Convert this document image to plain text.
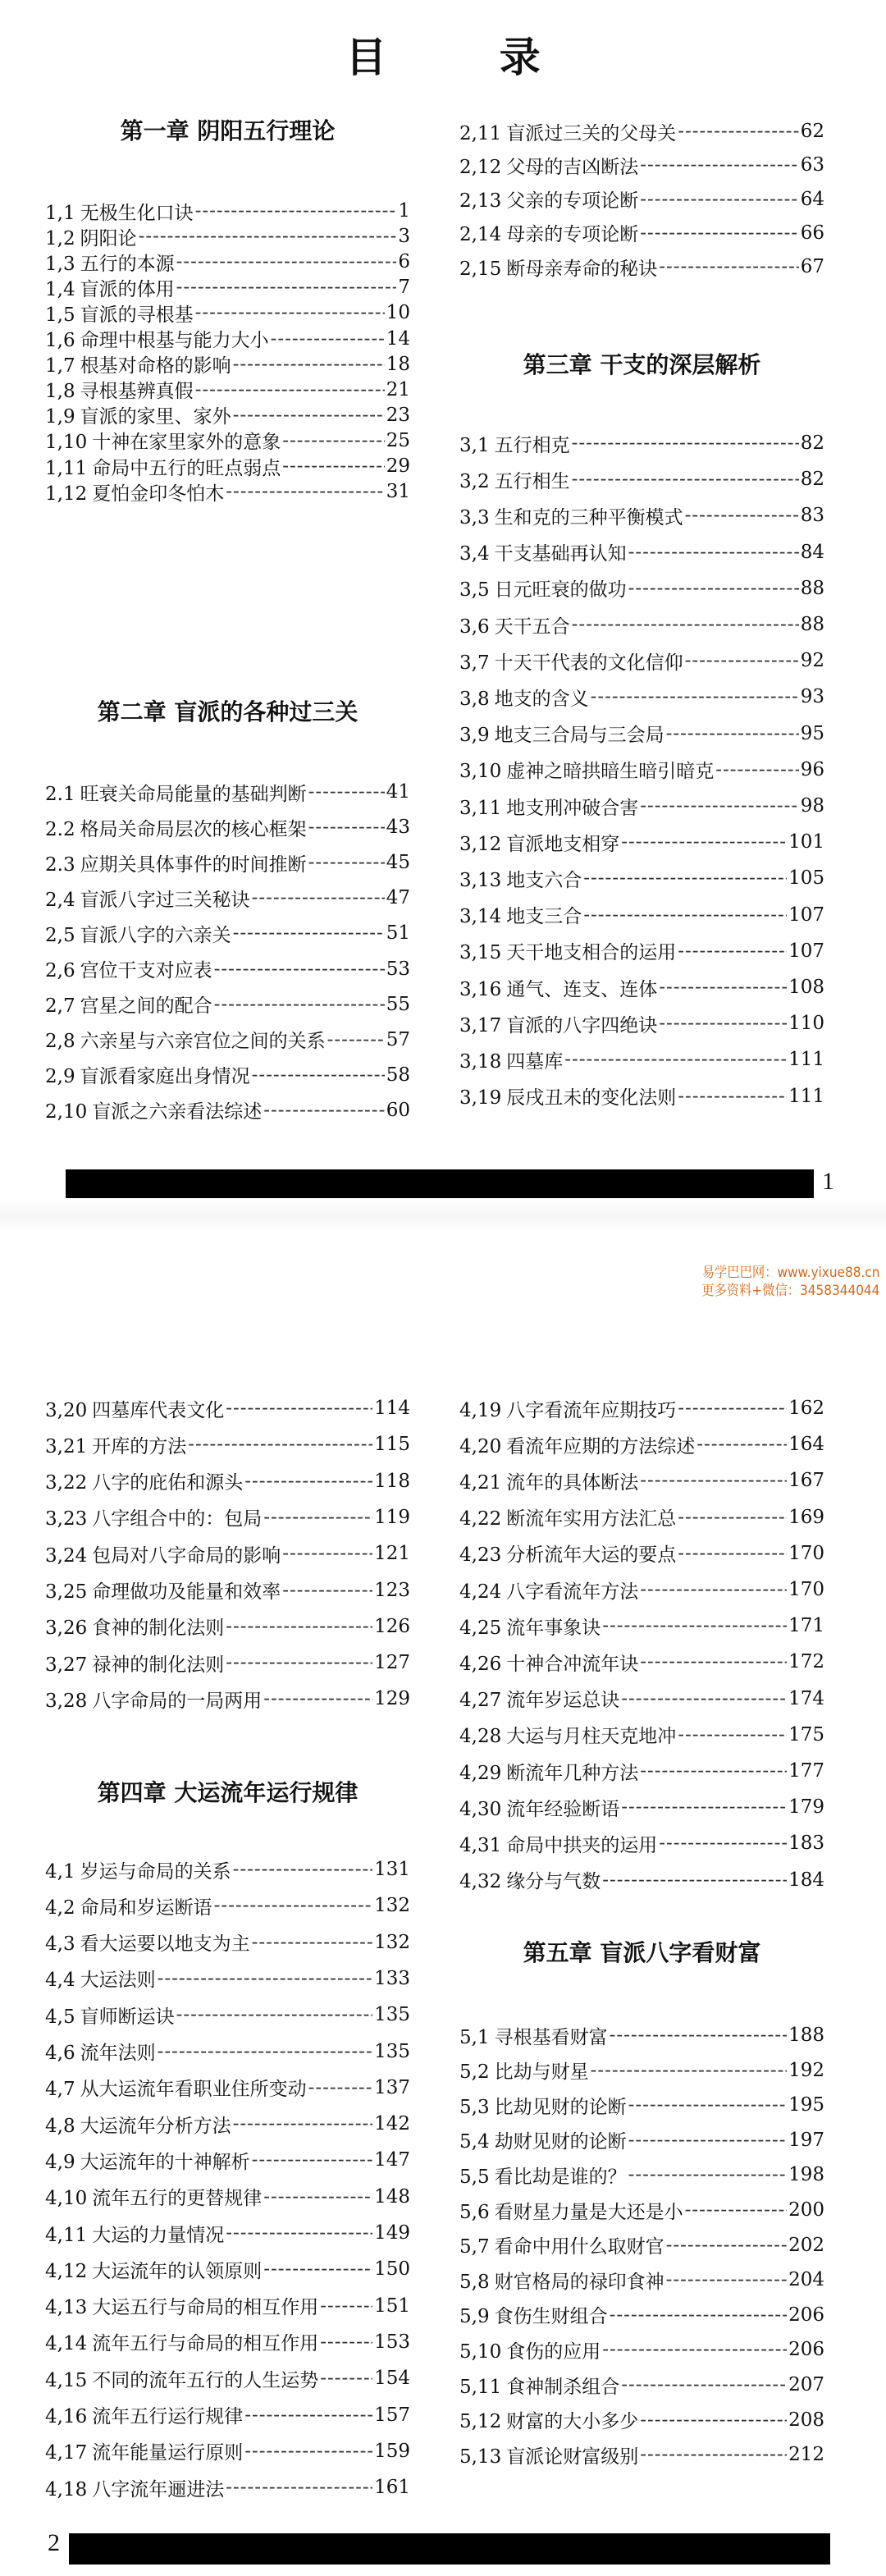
目 录
第一章 阴阳五行理论
1,1 无极生化口诀 -----	1
1,2 阴阳论 -----	3
1,3 五行的本源 -----	6
1,4 盲派的体用 -----	7
1,5 盲派的寻根基 -----	10
1,6 命理中根基与能力大小 -----	14
1,7 根基对命格的影响 -----	18
1,8 寻根基辨真假 -----	21
1,9 盲派的家里、家外 -----	23
1,10 十神在家里家外的意象 -----	25
1,11 命局中五行的旺点弱点 -----	29
1,12 夏怕金印冬怕木 -----	31
第二章 盲派的各种过三关
2.1 旺衰关命局能量的基础判断 -----	41
2.2 格局关命局层次的核心框架 -----	43
2.3 应期关具体事件的时间推断 -----	45
2,4 盲派八字过三关秘诀 -----	47
2,5 盲派八字的六亲关 -----	51
2,6 宫位干支对应表 -----	53
2,7 宫星之间的配合 -----	55
2,8 六亲星与六亲宫位之间的关系 -----	57
2,9 盲派看家庭出身情况 -----	58
2,10 盲派之六亲看法综述 -----	60
2,11 盲派过三关的父母关 -----	62
2,12 父母的吉凶断法 -----	63
2,13 父亲的专项论断 -----	64
2,14 母亲的专项论断 -----	66
2,15 断母亲寿命的秘诀 -----	67
第三章 干支的深层解析
3,1 五行相克 -----	82
3,2 五行相生 -----	82
3,3 生和克的三种平衡模式 -----	83
3,4 干支基础再认知 -----	84
3,5 日元旺衰的做功 -----	88
3,6 天干五合 -----	88
3,7 十天干代表的文化信仰 -----	92
3,8 地支的含义 -----	93
3,9 地支三合局与三会局 -----	95
3,10 虚神之暗拱暗生暗引暗克 -----	96
3,11 地支刑冲破合害 -----	98
3,12 盲派地支相穿 -----	101
3,13 地支六合 -----	105
3,14 地支三合 -----	107
3,15 天干地支相合的运用 -----	107
3,16 通气、连支、连体 -----	108
3,17 盲派的八字四绝诀 -----	110
3,18 四墓库 -----	111
3,19 辰戌丑未的变化法则 -----	111
1
易学巴巴网：www.yixue88.cn
更多资料+微信：3458344044
3,20 四墓库代表文化 -----	114
3,21 开库的方法 -----	115
3,22 八字的庇佑和源头 -----	118
3,23 八字组合中的：包局 -----	119
3,24 包局对八字命局的影响 -----	121
3,25 命理做功及能量和效率 -----	123
3,26 食神的制化法则 -----	126
3,27 禄神的制化法则 -----	127
3,28 八字命局的一局两用 -----	129
第四章 大运流年运行规律
4,1 岁运与命局的关系 -----	131
4,2 命局和岁运断语 -----	132
4,3 看大运要以地支为主 -----	132
4,4 大运法则 -----	133
4,5 盲师断运诀 -----	135
4,6 流年法则 -----	135
4,7 从大运流年看职业住所变动 -----	137
4,8 大运流年分析方法 -----	142
4,9 大运流年的十神解析 -----	147
4,10 流年五行的更替规律 -----	148
4,11 大运的力量情况 -----	149
4,12 大运流年的认领原则 -----	150
4,13 大运五行与命局的相互作用 -----	151
4,14 流年五行与命局的相互作用 -----	153
4,15 不同的流年五行的人生运势 -----	154
4,16 流年五行运行规律 -----	157
4,17 流年能量运行原则 -----	159
4,18 八字流年逦进法 -----	161
4,19 八字看流年应期技巧 -----	162
4,20 看流年应期的方法综述 -----	164
4,21 流年的具体断法 -----	167
4,22 断流年实用方法汇总 -----	169
4,23 分析流年大运的要点 -----	170
4,24 八字看流年方法 -----	170
4,25 流年事象诀 -----	171
4,26 十神合冲流年诀 -----	172
4,27 流年岁运总诀 -----	174
4,28 大运与月柱天克地冲 -----	175
4,29 断流年几种方法 -----	177
4,30 流年经验断语 -----	179
4,31 命局中拱夹的运用 -----	183
4,32 缘分与气数 -----	184
第五章 盲派八字看财富
5,1 寻根基看财富 -----	188
5,2 比劫与财星 -----	192
5,3 比劫见财的论断 -----	195
5,4 劫财见财的论断 -----	197
5,5 看比劫是谁的？ -----	198
5,6 看财星力量是大还是小 -----	200
5,7 看命中用什么取财官 -----	202
5,8 财官格局的禄印食神 -----	204
5,9 食伤生财组合 -----	206
5,10 食伤的应用 -----	206
5,11 食神制杀组合 -----	207
5,12 财富的大小多少 -----	208
5,13 盲派论财富级别 -----	212
2
